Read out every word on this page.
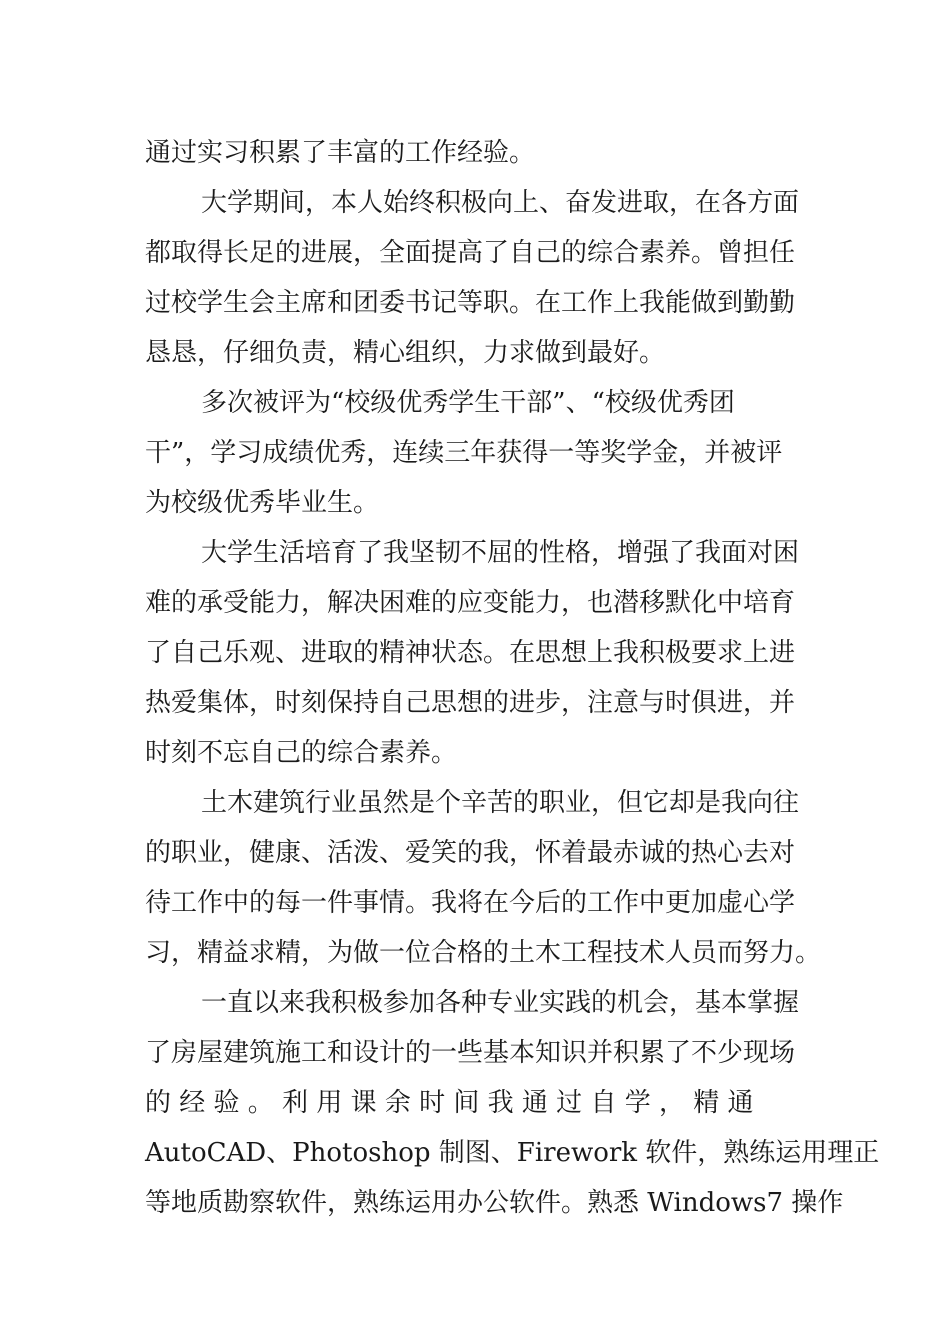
通过实习积累了丰富的工作经验。
大学期间，本人始终积极向上、奋发进取，在各方面
都取得长足的进展，全面提高了自己的综合素养。曾担任
过校学生会主席和团委书记等职。在工作上我能做到勤勤
恳恳，仔细负责，精心组织，力求做到最好。
多次被评为“校级优秀学生干部”、“校级优秀团
干”，学习成绩优秀，连续三年获得一等奖学金，并被评
为校级优秀毕业生。
大学生活培育了我坚韧不屈的性格，增强了我面对困
难的承受能力，解决困难的应变能力，也潜移默化中培育
了自己乐观、进取的精神状态。在思想上我积极要求上进
热爱集体，时刻保持自己思想的进步，注意与时俱进，并
时刻不忘自己的综合素养。
土木建筑行业虽然是个辛苦的职业，但它却是我向往
的职业，健康、活泼、爱笑的我，怀着最赤诚的热心去对
待工作中的每一件事情。我将在今后的工作中更加虚心学
习，精益求精，为做一位合格的土木工程技术人员而努力。
一直以来我积极参加各种专业实践的机会，基本掌握
了房屋建筑施工和设计的一些基本知识并积累了不少现场
的 经 验 。 利 用 课 余 时 间 我 通 过 自 学 ， 精 通
AutoCAD、Photoshop 制图、Firework 软件，熟练运用理正
等地质勘察软件，熟练运用办公软件。熟悉 Windows7 操作
